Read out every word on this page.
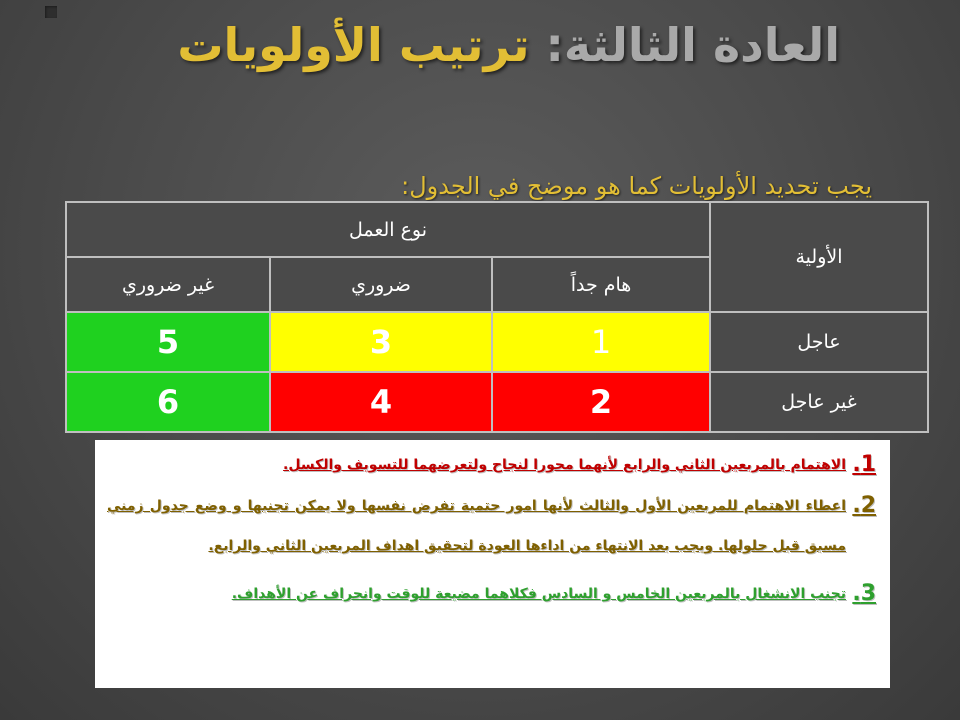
العادة الثالثة: ترتيب الأولويات
يجب تحديد الأولويات كما هو موضح في الجدول:
الأولية	نوع العمل		
	هام جداً	ضروري	غير ضروري
عاجل	1	3	5
غير عاجل	2	4	6
1.
الاهتمام بالمربعين الثاني والرابع لأنهما محورا لنجاح ولتعرضهما للتسويف والكسل.
2.
اعطاء الاهتمام للمربعين الأول والثالث لأنها امور حتمية تفرض نفسها ولا يمكن تجنبها و وضع جدول زمني مسبق قبل حلولها. ويجب بعد الانتهاء من اداءها العودة لتحقيق اهداف المربعين الثاني والرابع.
3.
تجنب الانشغال بالمربعين الخامس و السادس فكلاهما مضيعة للوقت وانحراف عن الأهداف.
